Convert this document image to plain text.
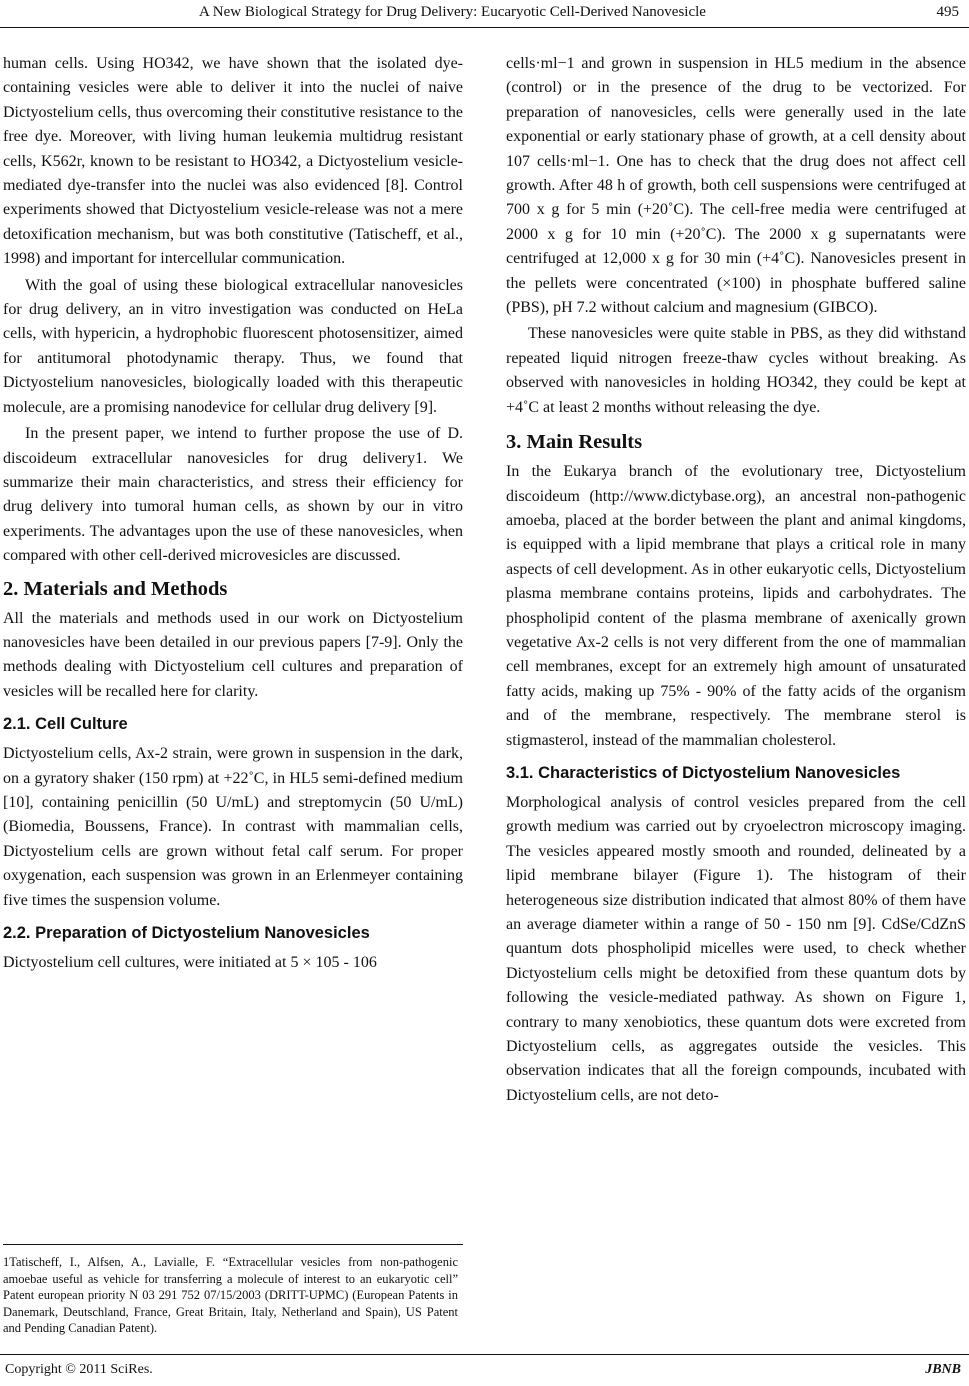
A New Biological Strategy for Drug Delivery: Eucaryotic Cell-Derived Nanovesicle	495

human cells. Using HO342, we have shown that the isolated dye-containing vesicles were able to deliver it into the nuclei of naive Dictyostelium cells, thus overcoming their constitutive resistance to the free dye. Moreover, with living human leukemia multidrug resistant cells, K562r, known to be resistant to HO342, a Dictyostelium vesicle-mediated dye-transfer into the nuclei was also evidenced [8]. Control experiments showed that Dictyostelium vesicle-release was not a mere detoxification mechanism, but was both constitutive (Tatischeff, et al., 1998) and important for intercellular communication.

With the goal of using these biological extracellular nanovesicles for drug delivery, an in vitro investigation was conducted on HeLa cells, with hypericin, a hydrophobic fluorescent photosensitizer, aimed for antitumoral photodynamic therapy. Thus, we found that Dictyostelium nanovesicles, biologically loaded with this therapeutic molecule, are a promising nanodevice for cellular drug delivery [9].

In the present paper, we intend to further propose the use of D. discoideum extracellular nanovesicles for drug delivery1. We summarize their main characteristics, and stress their efficiency for drug delivery into tumoral human cells, as shown by our in vitro experiments. The advantages upon the use of these nanovesicles, when compared with other cell-derived microvesicles are discussed.

2. Materials and Methods

All the materials and methods used in our work on Dictyostelium nanovesicles have been detailed in our previous papers [7-9]. Only the methods dealing with Dictyostelium cell cultures and preparation of vesicles will be recalled here for clarity.

2.1. Cell Culture

Dictyostelium cells, Ax-2 strain, were grown in suspension in the dark, on a gyratory shaker (150 rpm) at +22˚C, in HL5 semi-defined medium [10], containing penicillin (50 U/mL) and streptomycin (50 U/mL) (Biomedia, Boussens, France). In contrast with mammalian cells, Dictyostelium cells are grown without fetal calf serum. For proper oxygenation, each suspension was grown in an Erlenmeyer containing five times the suspension volume.

2.2. Preparation of Dictyostelium Nanovesicles

Dictyostelium cell cultures, were initiated at 5 × 105 - 106

1Tatischeff, I., Alfsen, A., Lavialle, F. “Extracellular vesicles from non-pathogenic amoebae useful as vehicle for transferring a molecule of interest to an eukaryotic cell” Patent european priority N 03 291 752 07/15/2003 (DRITT-UPMC) (European Patents in Danemark, Deutschland, France, Great Britain, Italy, Netherland and Spain), US Patent and Pending Canadian Patent).

cells·ml−1 and grown in suspension in HL5 medium in the absence (control) or in the presence of the drug to be vectorized. For preparation of nanovesicles, cells were generally used in the late exponential or early stationary phase of growth, at a cell density about 107 cells·ml−1. One has to check that the drug does not affect cell growth. After 48 h of growth, both cell suspensions were centrifuged at 700 x g for 5 min (+20˚C). The cell-free media were centrifuged at 2000 x g for 10 min (+20˚C). The 2000 x g supernatants were centrifuged at 12,000 x g for 30 min (+4˚C). Nanovesicles present in the pellets were concentrated (×100) in phosphate buffered saline (PBS), pH 7.2 without calcium and magnesium (GIBCO).

These nanovesicles were quite stable in PBS, as they did withstand repeated liquid nitrogen freeze-thaw cycles without breaking. As observed with nanovesicles in holding HO342, they could be kept at +4˚C at least 2 months without releasing the dye.

3. Main Results

In the Eukarya branch of the evolutionary tree, Dictyostelium discoideum (http://www.dictybase.org), an ancestral non-pathogenic amoeba, placed at the border between the plant and animal kingdoms, is equipped with a lipid membrane that plays a critical role in many aspects of cell development. As in other eukaryotic cells, Dictyostelium plasma membrane contains proteins, lipids and carbohydrates. The phospholipid content of the plasma membrane of axenically grown vegetative Ax-2 cells is not very different from the one of mammalian cell membranes, except for an extremely high amount of unsaturated fatty acids, making up 75% - 90% of the fatty acids of the organism and of the membrane, respectively. The membrane sterol is stigmasterol, instead of the mammalian cholesterol.

3.1. Characteristics of Dictyostelium Nanovesicles

Morphological analysis of control vesicles prepared from the cell growth medium was carried out by cryoelectron microscopy imaging. The vesicles appeared mostly smooth and rounded, delineated by a lipid membrane bilayer (Figure 1). The histogram of their heterogeneous size distribution indicated that almost 80% of them have an average diameter within a range of 50 - 150 nm [9]. CdSe/CdZnS quantum dots phospholipid micelles were used, to check whether Dictyostelium cells might be detoxified from these quantum dots by following the vesicle-mediated pathway. As shown on Figure 1, contrary to many xenobiotics, these quantum dots were excreted from Dictyostelium cells, as aggregates outside the vesicles. This observation indicates that all the foreign compounds, incubated with Dictyostelium cells, are not deto-

Copyright © 2011 SciRes.	JBNB
